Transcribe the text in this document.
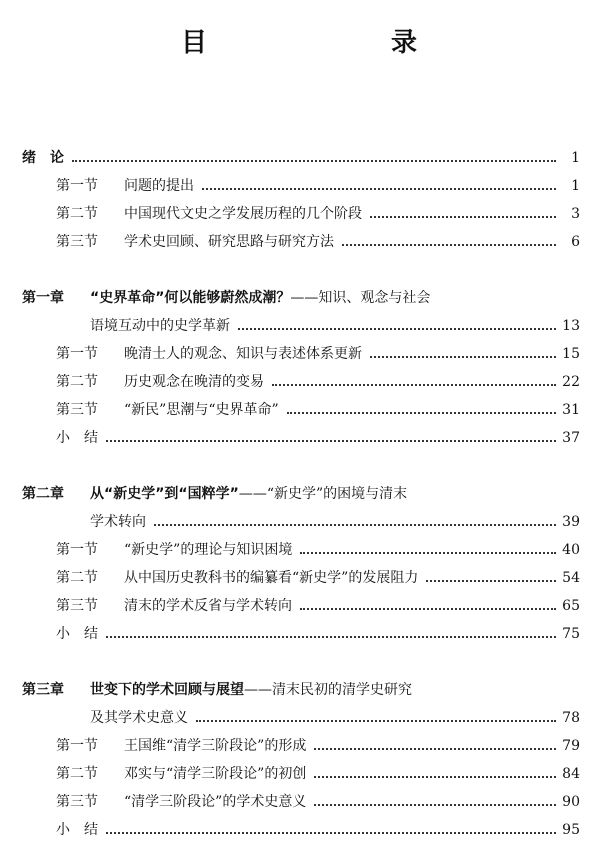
目　　录
绪　论	1
第一节 问题的提出	1
第二节 中国现代文史之学发展历程的几个阶段	3
第三节 学术史回顾、研究思路与研究方法	6
第一章 “史界革命”何以能够蔚然成潮？——知识、观念与社会
语境互动中的史学革新	13
第一节 晚清士人的观念、知识与表述体系更新	15
第二节 历史观念在晚清的变易	22
第三节 “新民”思潮与“史界革命”	31
小　结	37
第二章 从“新史学”到“国粹学”——“新史学”的困境与清末
学术转向	39
第一节 “新史学”的理论与知识困境	40
第二节 从中国历史教科书的编纂看“新史学”的发展阻力	54
第三节 清末的学术反省与学术转向	65
小　结	75
第三章 世变下的学术回顾与展望——清末民初的清学史研究
及其学术史意义	78
第一节 王国维“清学三阶段论”的形成	79
第二节 邓实与“清学三阶段论”的初创	84
第三节 “清学三阶段论”的学术史意义	90
小　结	95
